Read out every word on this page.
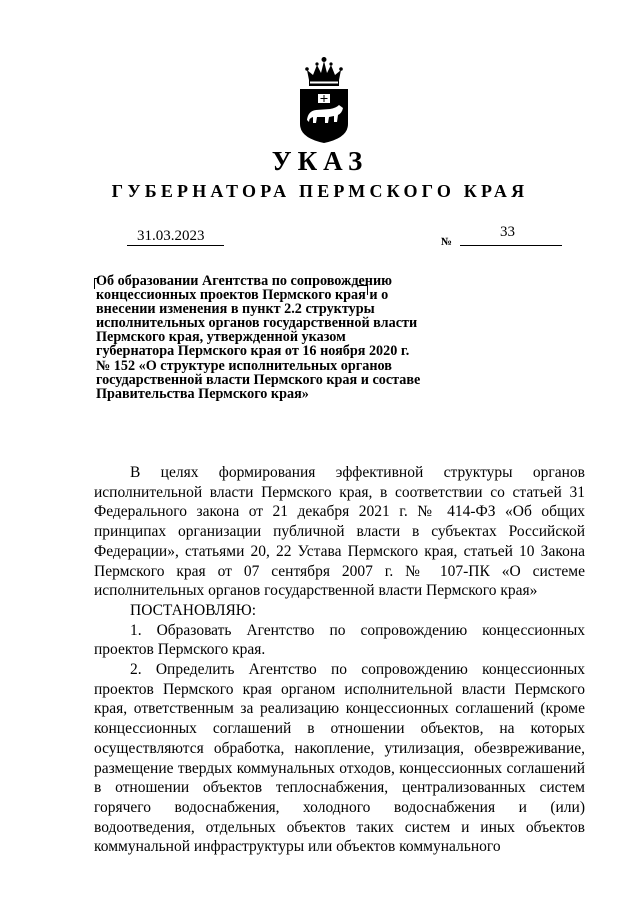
УКАЗ
ГУБЕРНАТОРА ПЕРМСКОГО КРАЯ
31.03.2023	№
33
Об образовании Агентства по сопровождению концессионных проектов Пермского края и о внесении изменения в пункт 2.2 структуры исполнительных органов государственной власти Пермского края, утвержденной указом губернатора Пермского края от 16 ноября 2020 г. № 152 «О структуре исполнительных органов государственной власти Пермского края и составе Правительства Пермского края»

В целях формирования эффективной структуры органов исполнительной власти Пермского края, в соответствии со статьей 31 Федерального закона от 21 декабря 2021 г. № 414-ФЗ «Об общих принципах организации публичной власти в субъектах Российской Федерации», статьями 20, 22 Устава Пермского края, статьей 10 Закона Пермского края от 07 сентября 2007 г. № 107-ПК «О системе исполнительных органов государственной власти Пермского края»

ПОСТАНОВЛЯЮ:

1. Образовать Агентство по сопровождению концессионных проектов Пермского края.

2. Определить Агентство по сопровождению концессионных проектов Пермского края органом исполнительной власти Пермского края, ответственным за реализацию концессионных соглашений (кроме концессионных соглашений в отношении объектов, на которых осуществляются обработка, накопление, утилизация, обезвреживание, размещение твердых коммунальных отходов, концессионных соглашений в отношении объектов теплоснабжения, централизованных систем горячего водоснабжения, холодного водоснабжения и (или) водоотведения, отдельных объектов таких систем и иных объектов коммунальной инфраструктуры или объектов коммунального
